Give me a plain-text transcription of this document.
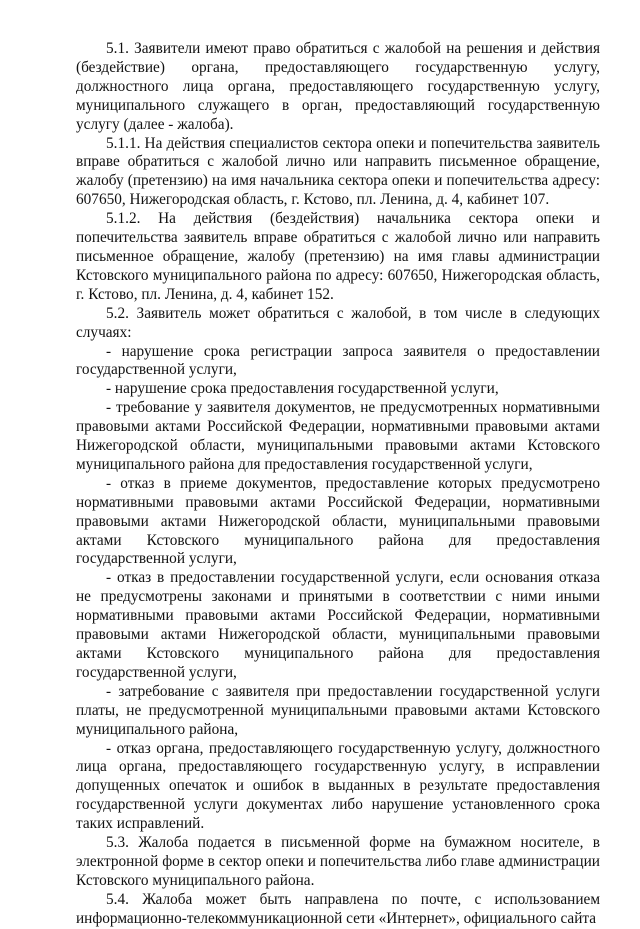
5.1. Заявители имеют право обратиться с жалобой на решения и действия (бездействие) органа, предоставляющего государственную услугу, должностного лица органа, предоставляющего государственную услугу, муниципального служащего в орган, предоставляющий государственную услугу (далее - жалоба).

5.1.1. На действия специалистов сектора опеки и попечительства заявитель вправе обратиться с жалобой лично или направить письменное обращение, жалобу (претензию) на имя начальника сектора опеки и попечительства адресу: 607650, Нижегородская область, г. Кстово, пл. Ленина, д. 4, кабинет 107.

5.1.2. На действия (бездействия) начальника сектора опеки и попечительства заявитель вправе обратиться с жалобой лично или направить письменное обращение, жалобу (претензию) на имя главы администрации Кстовского муниципального района по адресу: 607650, Нижегородская область, г. Кстово, пл. Ленина, д. 4, кабинет 152.

5.2. Заявитель может обратиться с жалобой, в том числе в следующих случаях:

- нарушение срока регистрации запроса заявителя о предоставлении государственной услуги,

- нарушение срока предоставления государственной услуги,

- требование у заявителя документов, не предусмотренных нормативными правовыми актами Российской Федерации, нормативными правовыми актами Нижегородской области, муниципальными правовыми актами Кстовского муниципального района для предоставления государственной услуги,

- отказ в приеме документов, предоставление которых предусмотрено нормативными правовыми актами Российской Федерации, нормативными правовыми актами Нижегородской области, муниципальными правовыми актами Кстовского муниципального района для предоставления государственной услуги,

- отказ в предоставлении государственной услуги, если основания отказа не предусмотрены законами и принятыми в соответствии с ними иными нормативными правовыми актами Российской Федерации, нормативными правовыми актами Нижегородской области, муниципальными правовыми актами Кстовского муниципального района для предоставления государственной услуги,

- затребование с заявителя при предоставлении государственной услуги платы, не предусмотренной муниципальными правовыми актами Кстовского муниципального района,

- отказ органа, предоставляющего государственную услугу, должностного лица органа, предоставляющего государственную услугу, в исправлении допущенных опечаток и ошибок в выданных в результате предоставления государственной услуги документах либо нарушение установленного срока таких исправлений.

5.3. Жалоба подается в письменной форме на бумажном носителе, в электронной форме в сектор опеки и попечительства либо главе администрации Кстовского муниципального района.

5.4. Жалоба может быть направлена по почте, с использованием информационно-телекоммуникационной сети «Интернет», официального сайта
